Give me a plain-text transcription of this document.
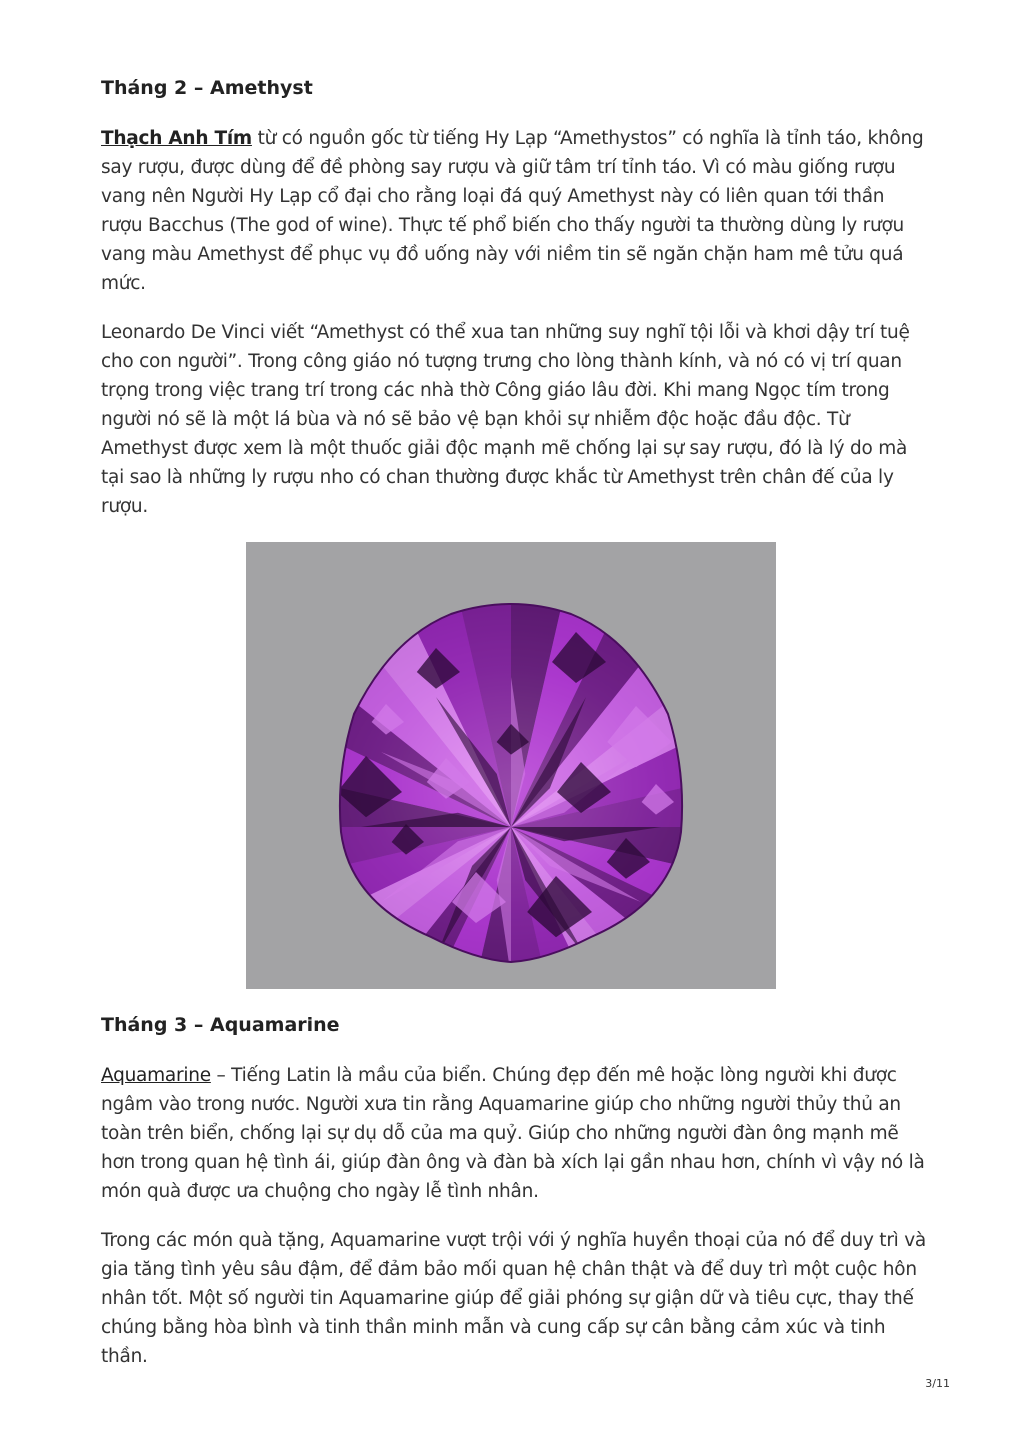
Tháng 2 – Amethyst

Thạch Anh Tím từ có nguồn gốc từ tiếng Hy Lạp “Amethystos” có nghĩa là tỉnh táo, không say rượu, được dùng để đề phòng say rượu và giữ tâm trí tỉnh táo. Vì có màu giống rượu vang nên Người Hy Lạp cổ đại cho rằng loại đá quý Amethyst này có liên quan tới thần rượu Bacchus (The god of wine). Thực tế phổ biến cho thấy người ta thường dùng ly rượu vang màu Amethyst để phục vụ đồ uống này với niềm tin sẽ ngăn chặn ham mê tửu quá mức.

Leonardo De Vinci viết “Amethyst có thể xua tan những suy nghĩ tội lỗi và khơi dậy trí tuệ cho con người”. Trong công giáo nó tượng trưng cho lòng thành kính, và nó có vị trí quan trọng trong việc trang trí trong các nhà thờ Công giáo lâu đời. Khi mang Ngọc tím trong người nó sẽ là một lá bùa và nó sẽ bảo vệ bạn khỏi sự nhiễm độc hoặc đầu độc. Từ Amethyst được xem là một thuốc giải độc mạnh mẽ chống lại sự say rượu, đó là lý do mà tại sao là những ly rượu nho có chan thường được khắc từ Amethyst trên chân đế của ly rượu.

Tháng 3 – Aquamarine

Aquamarine – Tiếng Latin là mầu của biển. Chúng đẹp đến mê hoặc lòng người khi được ngâm vào trong nước. Người xưa tin rằng Aquamarine giúp cho những người thủy thủ an toàn trên biển, chống lại sự dụ dỗ của ma quỷ. Giúp cho những người đàn ông mạnh mẽ hơn trong quan hệ tình ái, giúp đàn ông và đàn bà xích lại gần nhau hơn, chính vì vậy nó là món quà được ưa chuộng cho ngày lễ tình nhân.

Trong các món quà tặng, Aquamarine vượt trội với ý nghĩa huyền thoại của nó để duy trì và gia tăng tình yêu sâu đậm, để đảm bảo mối quan hệ chân thật và để duy trì một cuộc hôn nhân tốt. Một số người tin Aquamarine giúp để giải phóng sự giận dữ và tiêu cực, thay thế chúng bằng hòa bình và tinh thần minh mẫn và cung cấp sự cân bằng cảm xúc và tinh thần.

3/11
